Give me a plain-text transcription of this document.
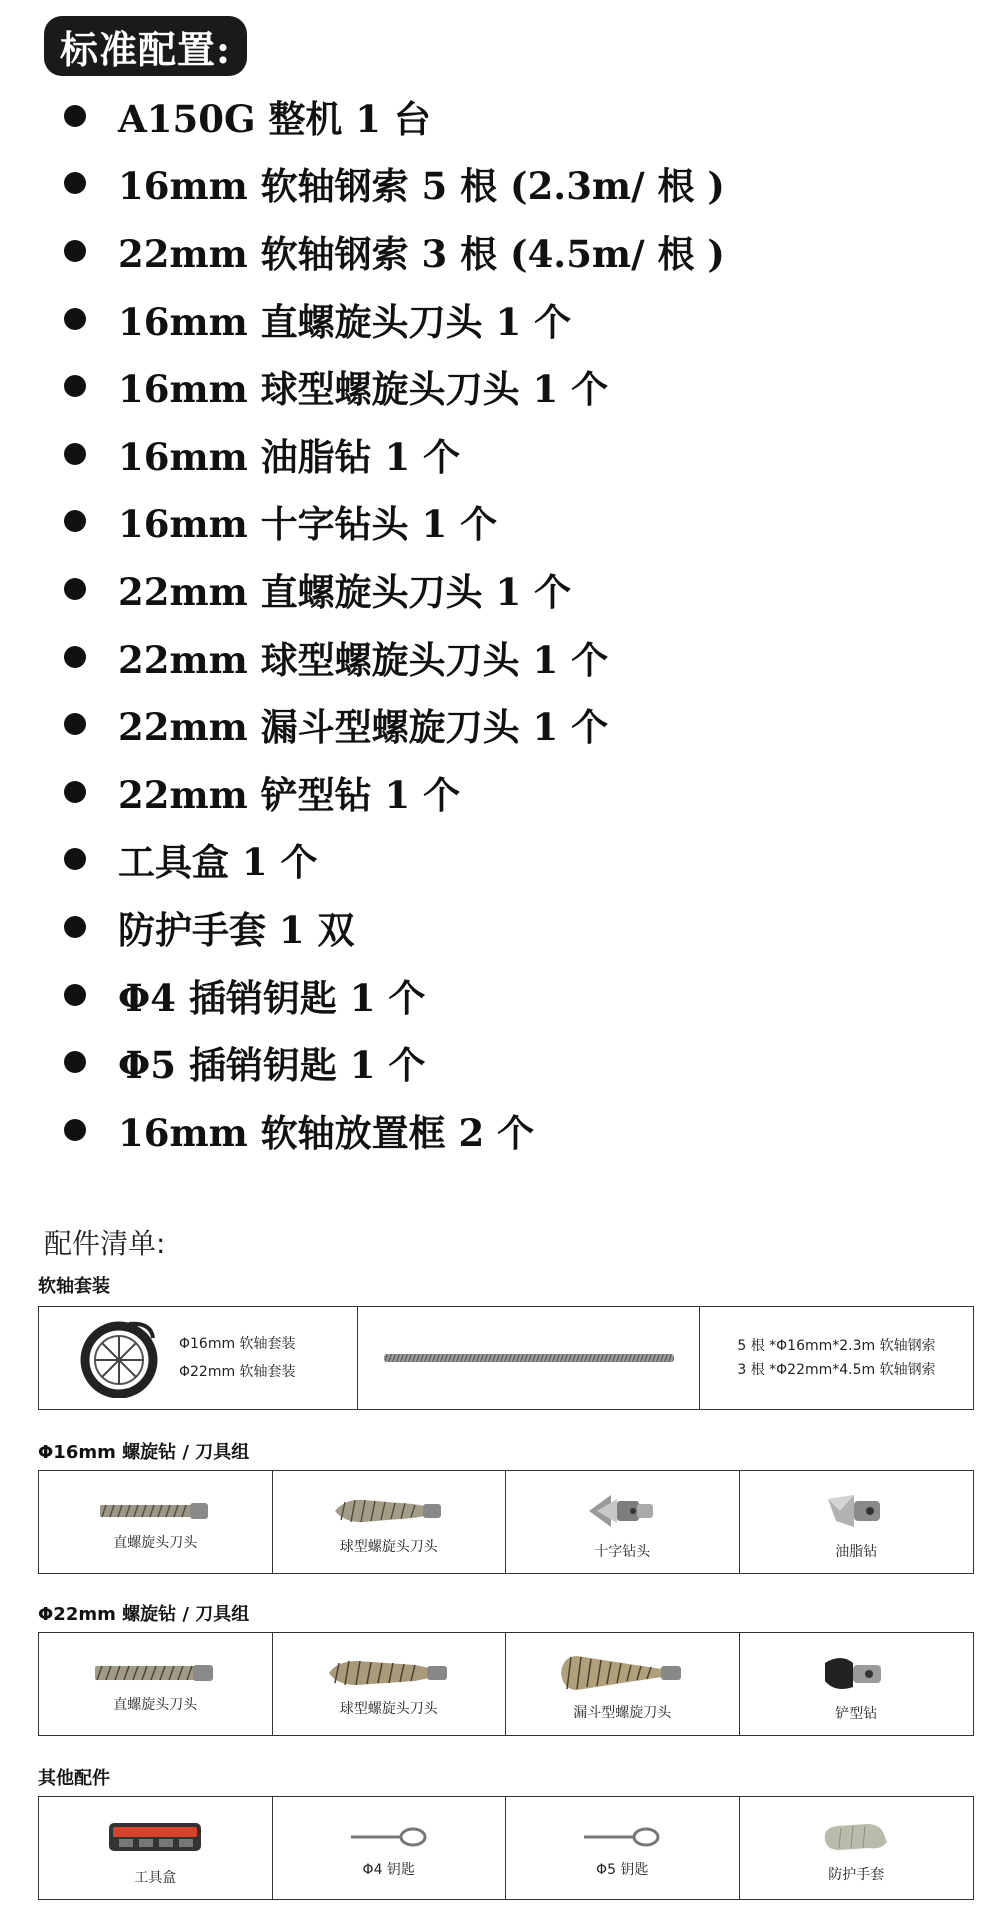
标准配置:
A150G 整机 1 台
16mm 软轴钢索 5 根 (2.3m/ 根 )
22mm 软轴钢索 3 根 (4.5m/ 根 )
16mm 直螺旋头刀头 1 个
16mm 球型螺旋头刀头 1 个
16mm 油脂钻 1 个
16mm 十字钻头 1 个
22mm 直螺旋头刀头 1 个
22mm 球型螺旋头刀头 1 个
22mm 漏斗型螺旋刀头 1 个
22mm 铲型钻 1 个
工具盒 1 个
防护手套 1 双
Φ4 插销钥匙 1 个
Φ5 插销钥匙 1 个
16mm 软轴放置框 2 个
配件清单:
软轴套装
Φ16mm 软轴套装
Φ22mm 软轴套装
5 根 *Φ16mm*2.3m 软轴钢索
3 根 *Φ22mm*4.5m 软轴钢索
Φ16mm 螺旋钻 / 刀具组
直螺旋头刀头	球型螺旋头刀头	十字钻头	油脂钻
Φ22mm 螺旋钻 / 刀具组
直螺旋头刀头	球型螺旋头刀头	漏斗型螺旋刀头	铲型钻
其他配件
工具盒	Φ4 钥匙	Φ5 钥匙	防护手套
